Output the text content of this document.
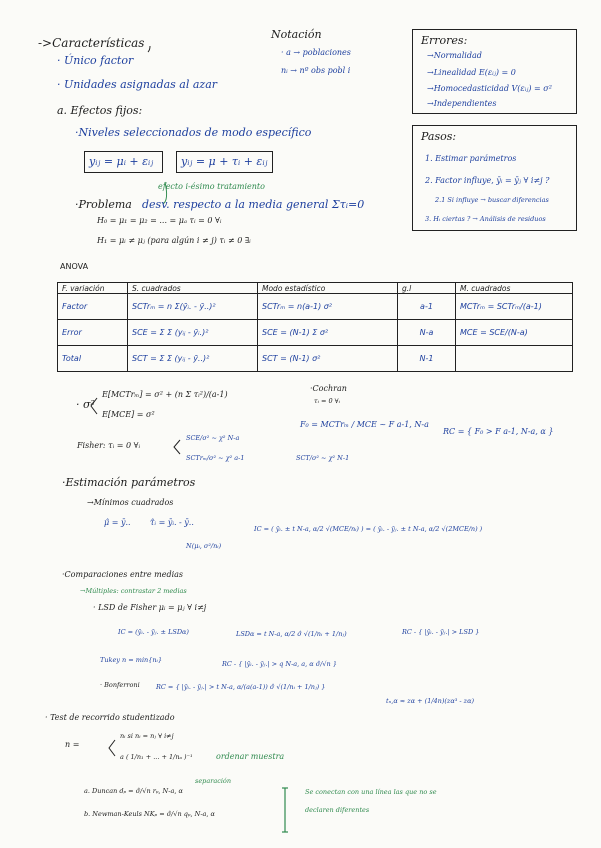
->Características
· Único factor
· Unidades asignadas al azar
a. Efectos fijos:
·Niveles seleccionados de modo específico
yᵢⱼ = μᵢ + εᵢⱼ	yᵢⱼ = μ + τᵢ + εᵢⱼ
efecto i-ésimo tratamiento
desv. respecto a la media general Στᵢ=0
·Problema
H₀ = μ₁ = μ₂ = ... = μₐ τᵢ = 0 ∀ᵢ
H₁ = μᵢ ≠ μⱼ (para algún i ≠ j) τᵢ ≠ 0 ∃ᵢ
Notación
· a → poblaciones
nᵢ → nº obs pobl i
Errores:
→Normalidad
→Linealidad E(εᵢⱼ) = 0
→Homocedasticidad V(εᵢⱼ) = σ²
→Independientes
Pasos:
1. Estimar parámetros
2. Factor influye, ȳᵢ = ȳⱼ ∀ i≠j ?
2.1 Si influye → buscar diferencias
3. Hᵢ ciertas ? → Análisis de residuos
ANOVA
F. variación	S. cuadrados	Modo estadístico	g.l	M. cuadrados
Factor	SCTrₘ = n Σ(ȳᵢ. - ȳ..)²	SCTrₘ = n(a-1) σ²	a-1	MCTrₘ = SCTrₘ/(a-1)
Error	SCE = Σ Σ (yᵢⱼ - ȳᵢ.)²	SCE = (N-1) Σ σ²	N-a	MCE = SCE/(N-a)
Total	SCT = Σ Σ (yᵢⱼ - ȳ..)²	SCT = (N-1) σ²	N-1	
· σ²
E[MCTrₘ] = σ² + (n Σ τᵢ²)/(a-1)
E[MCE] = σ²
·Cochran
τᵢ = 0 ∀ᵢ
F₀ = MCTrₘ / MCE ~ F a-1, N-a
RC = { F₀ > F a-1, N-a, α }
SCT/σ² ~ χ² N-1
Fisher: τᵢ = 0 ∀ᵢ
SCE/σ² ~ χ² N-a
SCTrₘ/σ² ~ χ² a-1
·Estimación parámetros
→Mínimos cuadrados
μ̂ = ȳ.. τ̂ᵢ = ȳᵢ. - ȳ..
N(μᵢ, σ²/nᵢ)
IC = ( ȳᵢ. ± t N-a, α/2 √(MCE/nᵢ) ) = ( ȳᵢ. - ȳⱼ. ± t N-a, α/2 √(2MCE/n) )
·Comparaciones entre medias
→Múltiples: contrastar 2 medias
· LSD de Fisher μᵢ = μⱼ ∀ i≠j
IC = (ȳᵢ. - ȳⱼ. ± LSDα)	LSDα = t N-a, α/2 σ̂ √(1/nᵢ + 1/nⱼ)	RC - { |ȳᵢ. - ȳⱼ.| > LSD }
Tukey n = min{nᵢ}	RC - { |ȳᵢ. - ȳⱼ.| > q N-a, a, α σ̂/√n }
· Bonferroni	RC = { |ȳᵢ. - ȳⱼ.| > t N-a, α/(a(a-1)) σ̂ √(1/nᵢ + 1/nⱼ) }
tₙ,α ≈ zα + (1/4n)(zα³ - zα)
· Test de recorrido studentizado
n =
nᵢ si nᵢ = nⱼ ∀ i≠j
a ( 1/n₁ + ... + 1/nₐ )⁻¹	ordenar muestra
separación
a. Duncan dₚ = σ̂/√n rₚ, N-a, α
b. Newman-Keuls NKₚ = σ̂/√n qₚ, N-a, α
Se conectan con una línea las que no se
declaren diferentes
